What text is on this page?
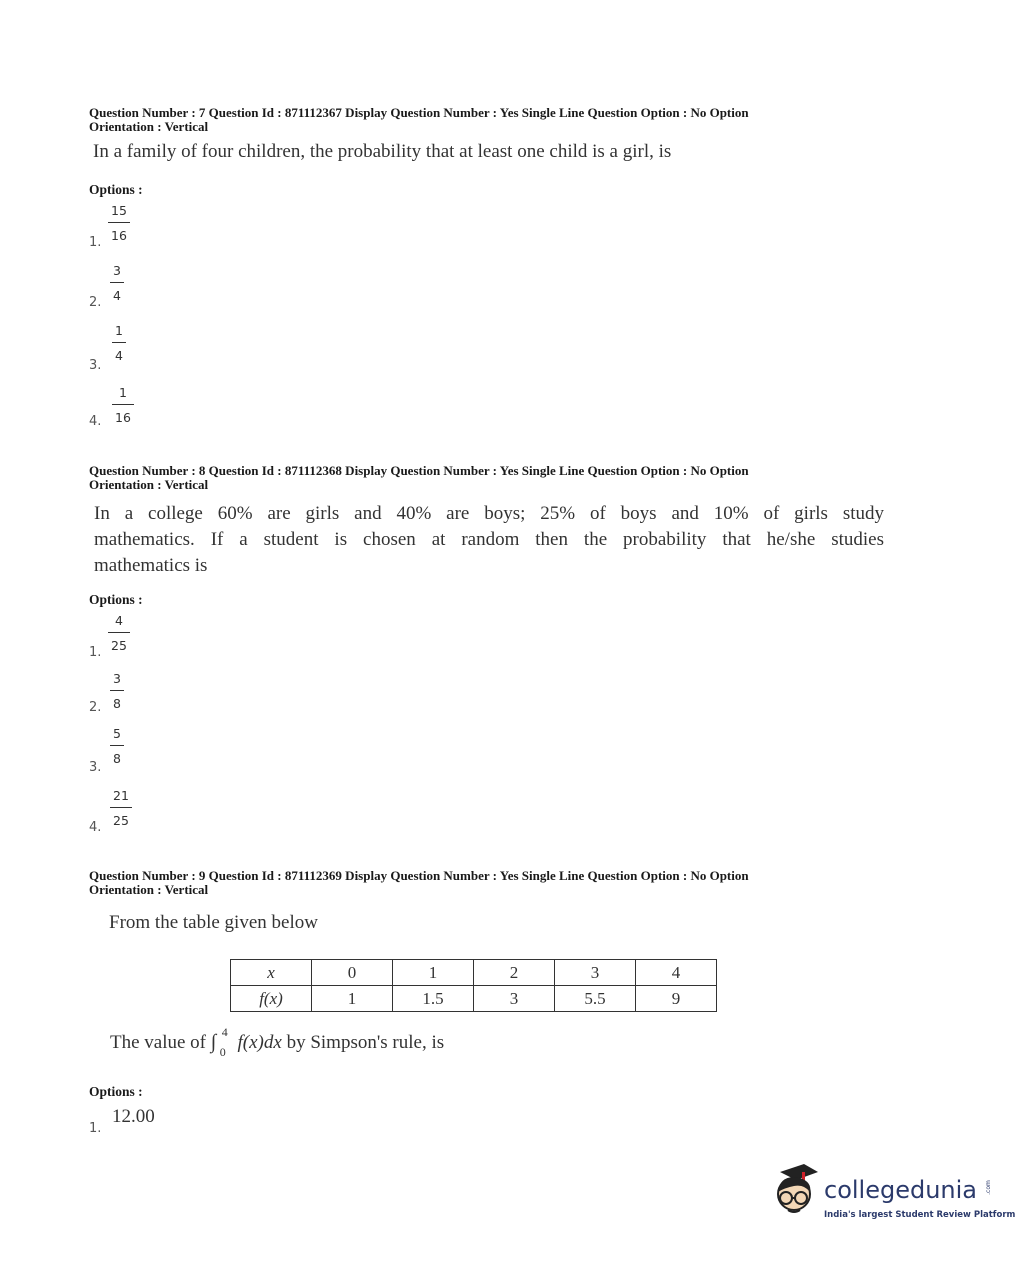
Question Number : 7 Question Id : 871112367 Display Question Number : Yes Single Line Question Option : No Option
Orientation : Vertical
In a family of four children, the probability that at least one child is a girl, is
Options :
1.
15
16
2.
3
4
3.
1
4
4.
1
16
Question Number : 8 Question Id : 871112368 Display Question Number : Yes Single Line Question Option : No Option
Orientation : Vertical
In a college 60% are girls and 40% are boys; 25% of boys and 10% of girls study
mathematics. If a student is chosen at random then the probability that he/she studies
mathematics is
Options :
1.
4
25
2.
3
8
3.
5
8
4.
21
25
Question Number : 9 Question Id : 871112369 Display Question Number : Yes Single Line Question Option : No Option
Orientation : Vertical
From the table given below
x	0	1	2	3	4
f(x)	1	1.5	3	5.5	9
The value of ∫ 4
0 f(x)dx by Simpson's rule, is
Options :
1.
12.00
collegedunia .com
India's largest Student Review Platform
